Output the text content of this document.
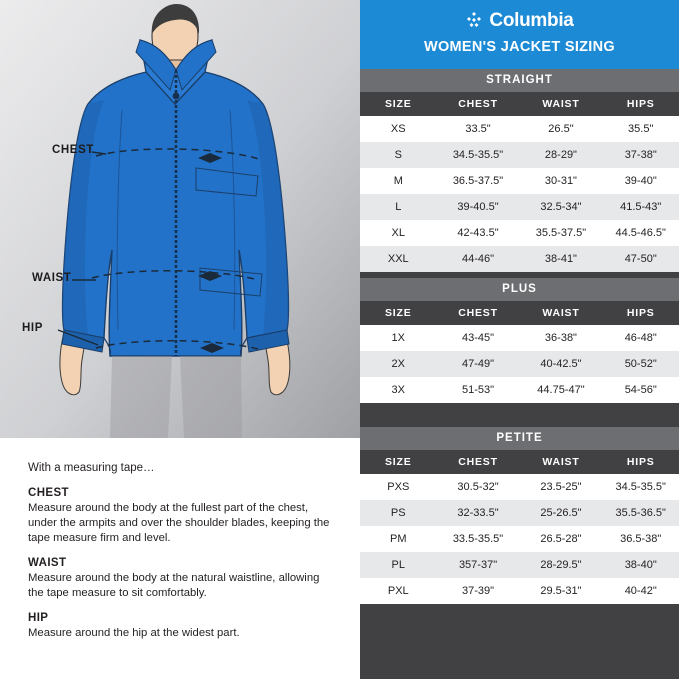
CHEST
WAIST
HIP
With a measuring tape…
CHEST

Measure around the body at the fullest part of the chest, under the armpits and over the shoulder blades, keeping the tape measure firm and level.

WAIST

Measure around the body at the natural waistline, allowing the tape measure to sit comfortably.

HIP

Measure around the hip at the widest part.

Columbia
WOMEN'S JACKET SIZING
STRAIGHT
SIZE	CHEST	WAIST	HIPS
XS	33.5"	26.5"	35.5"
S	34.5-35.5"	28-29"	37-38"
M	36.5-37.5"	30-31"	39-40"
L	39-40.5"	32.5-34"	41.5-43"
XL	42-43.5"	35.5-37.5"	44.5-46.5"
XXL	44-46"	38-41"	47-50"
PLUS
SIZE	CHEST	WAIST	HIPS
1X	43-45"	36-38"	46-48"
2X	47-49"	40-42.5"	50-52"
3X	51-53"	44.75-47"	54-56"
PETITE
SIZE	CHEST	WAIST	HIPS
PXS	30.5-32"	23.5-25"	34.5-35.5"
PS	32-33.5"	25-26.5"	35.5-36.5"
PM	33.5-35.5"	26.5-28"	36.5-38"
PL	357-37"	28-29.5"	38-40"
PXL	37-39"	29.5-31"	40-42"
